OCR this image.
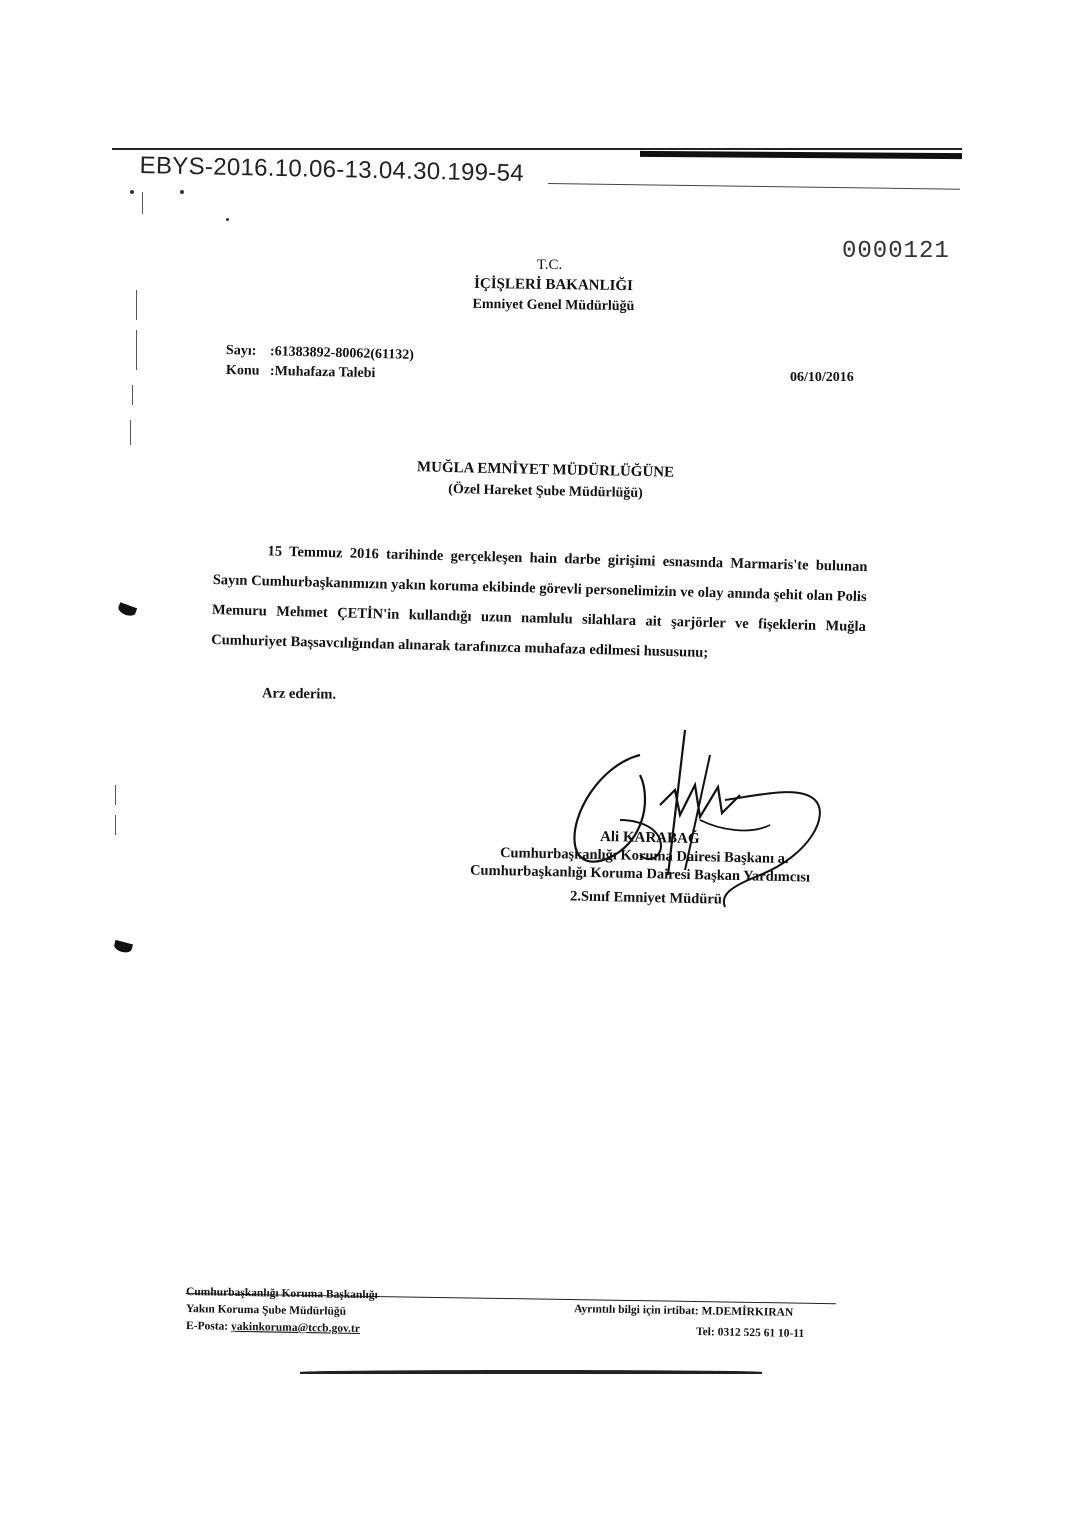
EBYS-2016.10.06-13.04.30.199-54
0000121
T.C.
İÇİŞLERİ BAKANLIĞI
Emniyet Genel Müdürlüğü
Sayı: :61383892-80062(61132)
Konu :Muhafaza Talebi	06/10/2016
MUĞLA EMNİYET MÜDÜRLÜĞÜNE
(Özel Hareket Şube Müdürlüğü)
15 Temmuz 2016 tarihinde gerçekleşen hain darbe girişimi esnasında Marmaris'te bulunan Sayın Cumhurbaşkanımızın yakın koruma ekibinde görevli personelimizin ve olay anında şehit olan Polis Memuru Mehmet ÇETİN'in kullandığı uzun namlulu silahlara ait şarjörler ve fişeklerin Muğla Cumhuriyet Başsavcılığından alınarak tarafınızca muhafaza edilmesi hususunu;
Arz ederim.
Ali KARABAĞ
Cumhurbaşkanlığı Koruma Dairesi Başkanı a.
Cumhurbaşkanlığı Koruma Dairesi Başkan Yardımcısı
2.Sınıf Emniyet Müdürü
Cumhurbaşkanlığı Koruma Başkanlığı
Yakın Koruma Şube Müdürlüğü
E-Posta: yakinkoruma@tccb.gov.tr
Ayrıntılı bilgi için irtibat: M.DEMİRKIRAN
Tel: 0312 525 61 10-11
